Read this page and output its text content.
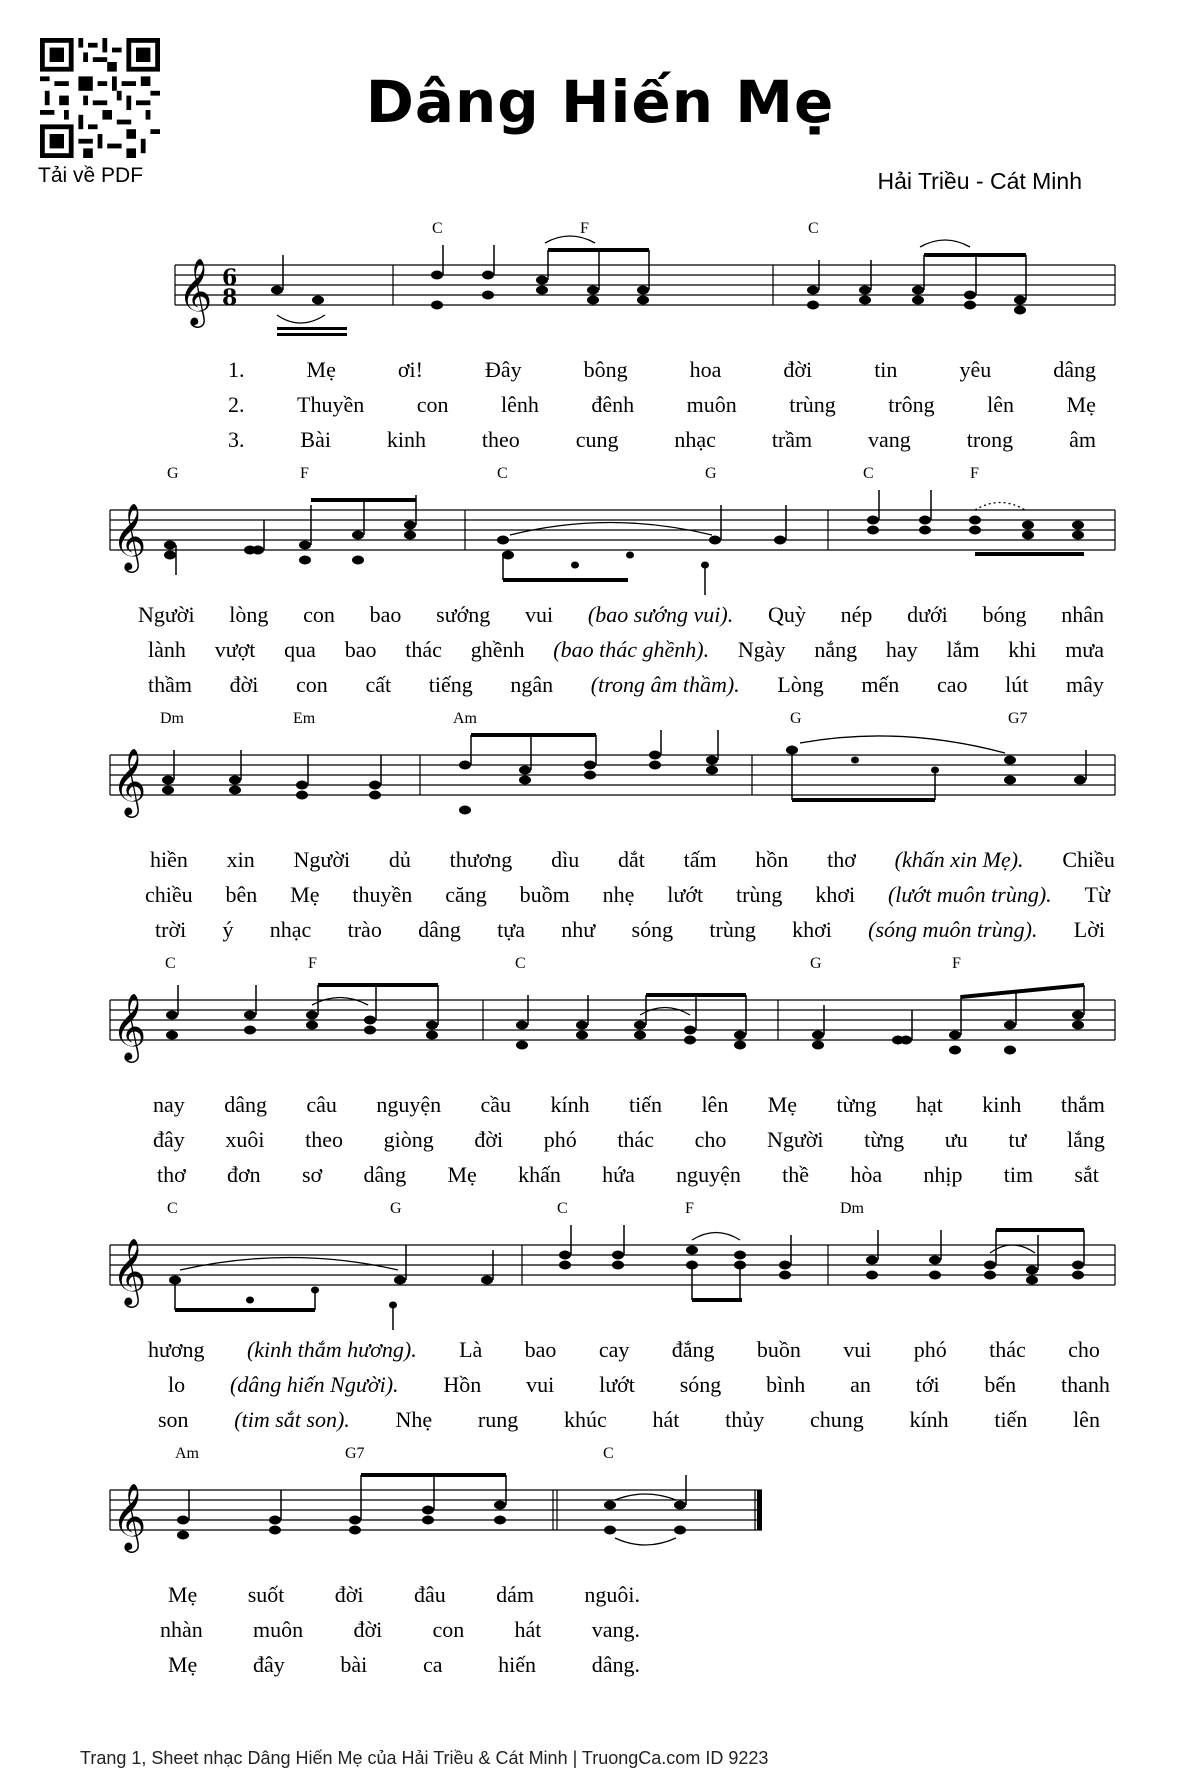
Tải về PDF
Dâng Hiến Mẹ
Hải Triều - Cát Minh
𝄞 6
8
C	F	C
1.	Mẹ	ơi!	Đây	bông	hoa	đời	tin	yêu	dâng
2. Thuyền con lênh đênh muôn trùng trông lên Mẹ
3.	Bài	kinh	theo	cung	nhạc	trầm	vang	trong	âm
𝄞
G	F	C	G	C	F
Người lòng con bao sướng vui (bao sướng vui). Quỳ nép dưới bóng nhân
lành vượt qua bao thác ghềnh (bao thác ghềnh). Ngày nắng hay lắm khi mưa
thầm đời con cất tiếng ngân (trong âm thầm). Lòng mến cao lút mây
𝄞
Dm	Em	Am	G	G7
hiền xin Người dủ thương dìu dắt tấm hồn thơ (khấn xin Mẹ). Chiều
chiều bên Mẹ thuyền căng buồm nhẹ lướt trùng khơi (lướt muôn trùng). Từ
trời ý nhạc trào dâng tựa như sóng trùng khơi (sóng muôn trùng). Lời
𝄞
C	F	C	G	F
nay dâng câu nguyện cầu kính tiến lên Mẹ từng hạt kinh thắm
đây xuôi theo giòng đời phó thác cho Người từng ưu tư lắng
thơ đơn sơ dâng Mẹ khấn hứa nguyện thề hòa nhịp tim sắt
𝄞
C	G	C	F	Dm
hương (kinh thắm hương). Là bao cay đắng buồn vui phó thác cho
lo (dâng hiến Người). Hồn vui lướt sóng bình an tới bến thanh
son (tim sắt son). Nhẹ rung khúc hát thủy chung kính tiến lên
𝄞
Am	G7	C
Mẹ suốt đời đâu dám nguôi.
nhàn muôn đời con hát vang.
Mẹ	đây	bài	ca	hiến	dâng.
Trang 1, Sheet nhạc Dâng Hiến Mẹ của Hải Triều & Cát Minh | TruongCa.com ID 9223
